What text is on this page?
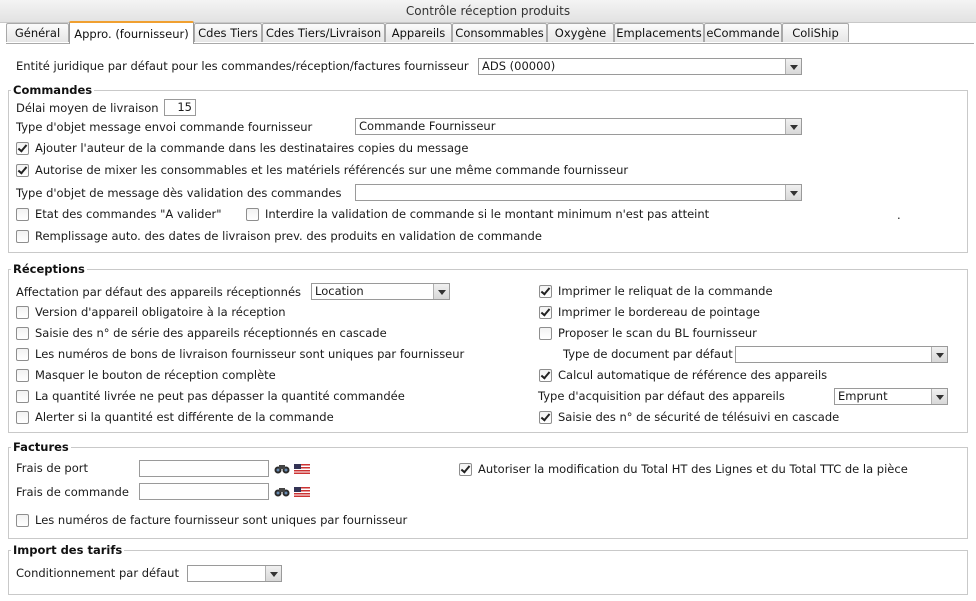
Contrôle réception produits
Général	Appro. (fournisseur) Cdes Tiers Cdes Tiers/Livraison Appareils Consommables Oxygène Emplacements eCommande	ColiShip
Entité juridique par défaut pour les commandes/réception/factures fournisseur ADS (00000)
Commandes
Délai moyen de livraison	15
Type d'objet message envoi commande fournisseur	Commande Fournisseur
Ajouter l'auteur de la commande dans les destinataires copies du message
Autorise de mixer les consommables et les matériels référencés sur une même commande fournisseur
Type d'objet de message dès validation des commandes
Etat des commandes "A valider"	Interdire la validation de commande si le montant minimum n'est pas atteint	.
Remplissage auto. des dates de livraison prev. des produits en validation de commande
Réceptions
Affectation par défaut des appareils réceptionnés Location
Version d'appareil obligatoire à la réception
Saisie des n° de série des appareils réceptionnés en cascade
Les numéros de bons de livraison fournisseur sont uniques par fournisseur
Masquer le bouton de réception complète
La quantité livrée ne peut pas dépasser la quantité commandée
Alerter si la quantité est différente de la commande
Imprimer le reliquat de la commande
Imprimer le bordereau de pointage
Proposer le scan du BL fournisseur
Type de document par défaut
Calcul automatique de référence des appareils
Type d'acquisition par défaut des appareils	Emprunt
Saisie des n° de sécurité de télésuivi en cascade
Factures
Frais de port
Frais de commande
Autoriser la modification du Total HT des Lignes et du Total TTC de la pièce
Les numéros de facture fournisseur sont uniques par fournisseur
Import des tarifs
Conditionnement par défaut
